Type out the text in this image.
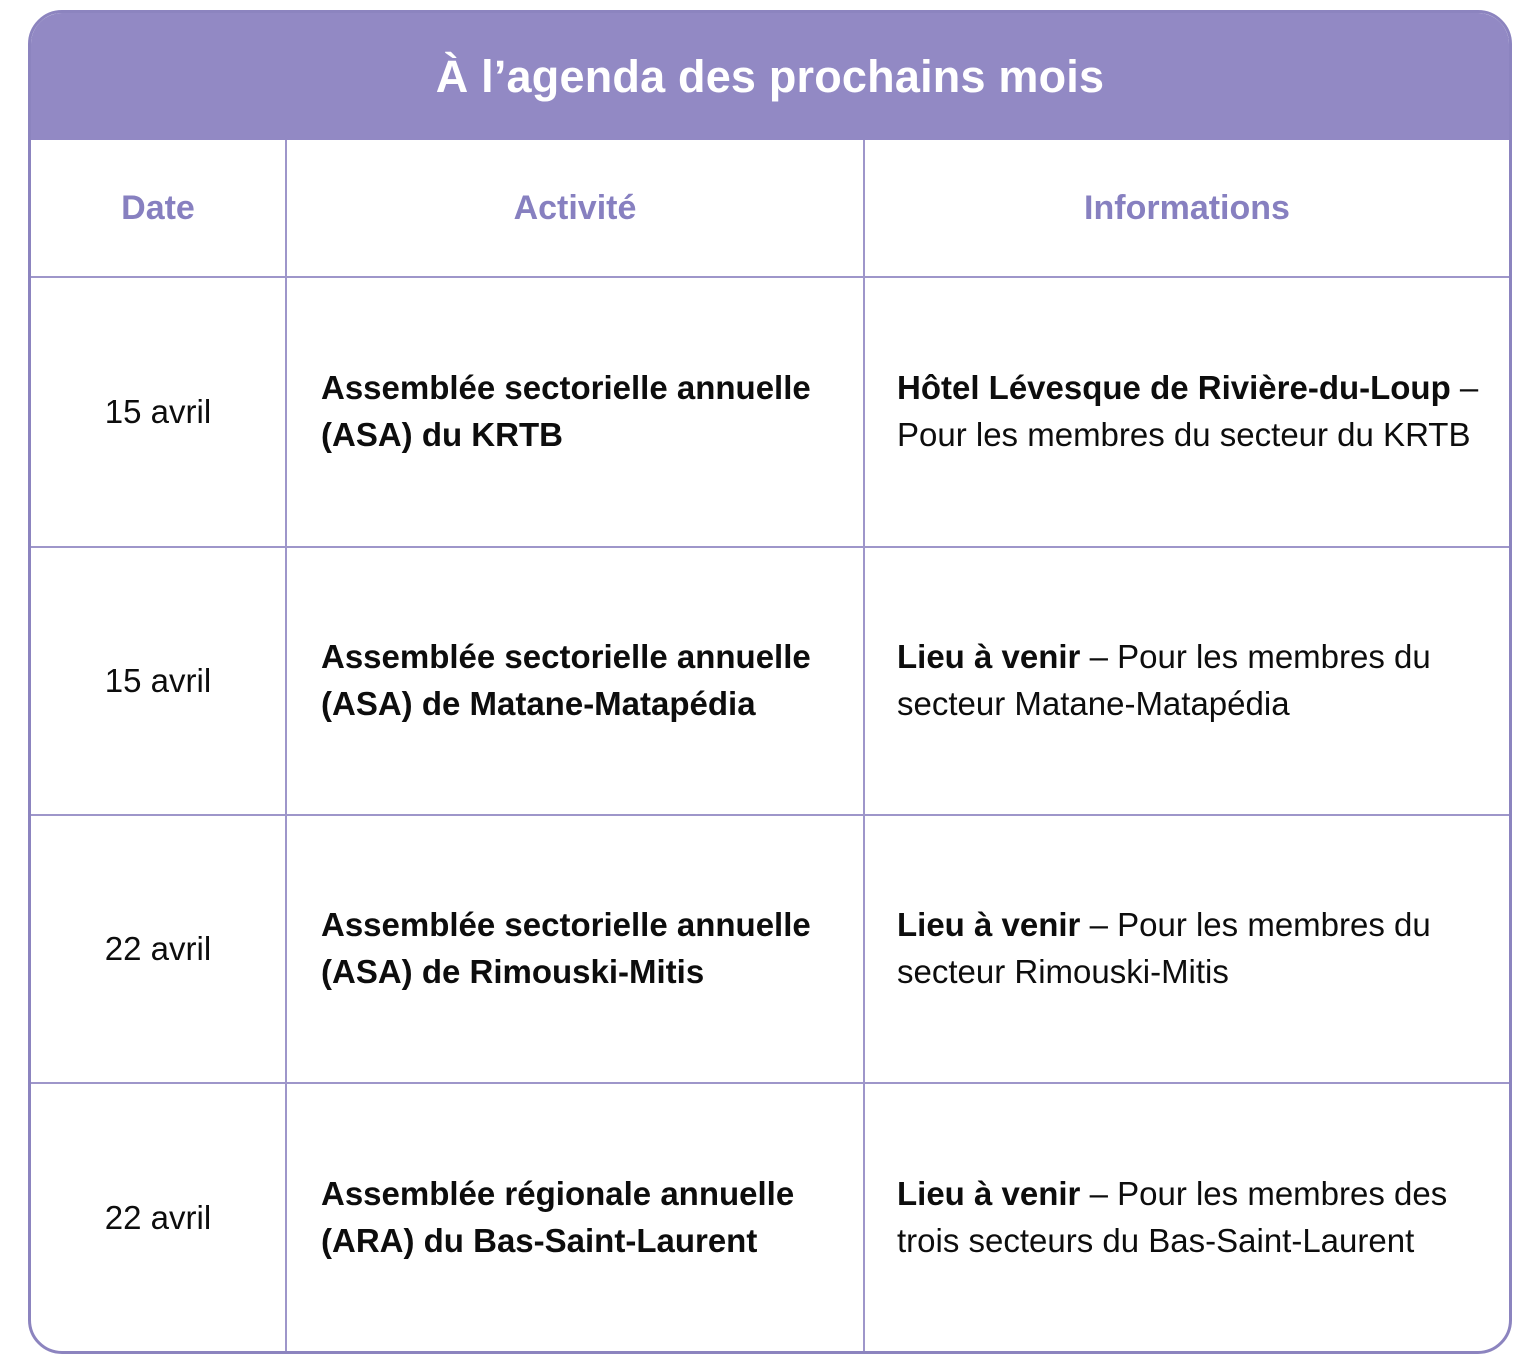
À l’agenda des prochains mois
Date	Activité	Informations
15 avril	Assemblée sectorielle annuelle (ASA) du KRTB	Hôtel Lévesque de Rivière-du-Loup – Pour les membres du secteur du KRTB
15 avril	Assemblée sectorielle annuelle (ASA) de Matane-Matapédia	Lieu à venir – Pour les membres du secteur Matane-Matapédia
22 avril	Assemblée sectorielle annuelle (ASA) de Rimouski-Mitis	Lieu à venir – Pour les membres du secteur Rimouski-Mitis
22 avril	Assemblée régionale annuelle (ARA) du Bas-Saint-Laurent	Lieu à venir – Pour les membres des trois secteurs du Bas-Saint-Laurent
